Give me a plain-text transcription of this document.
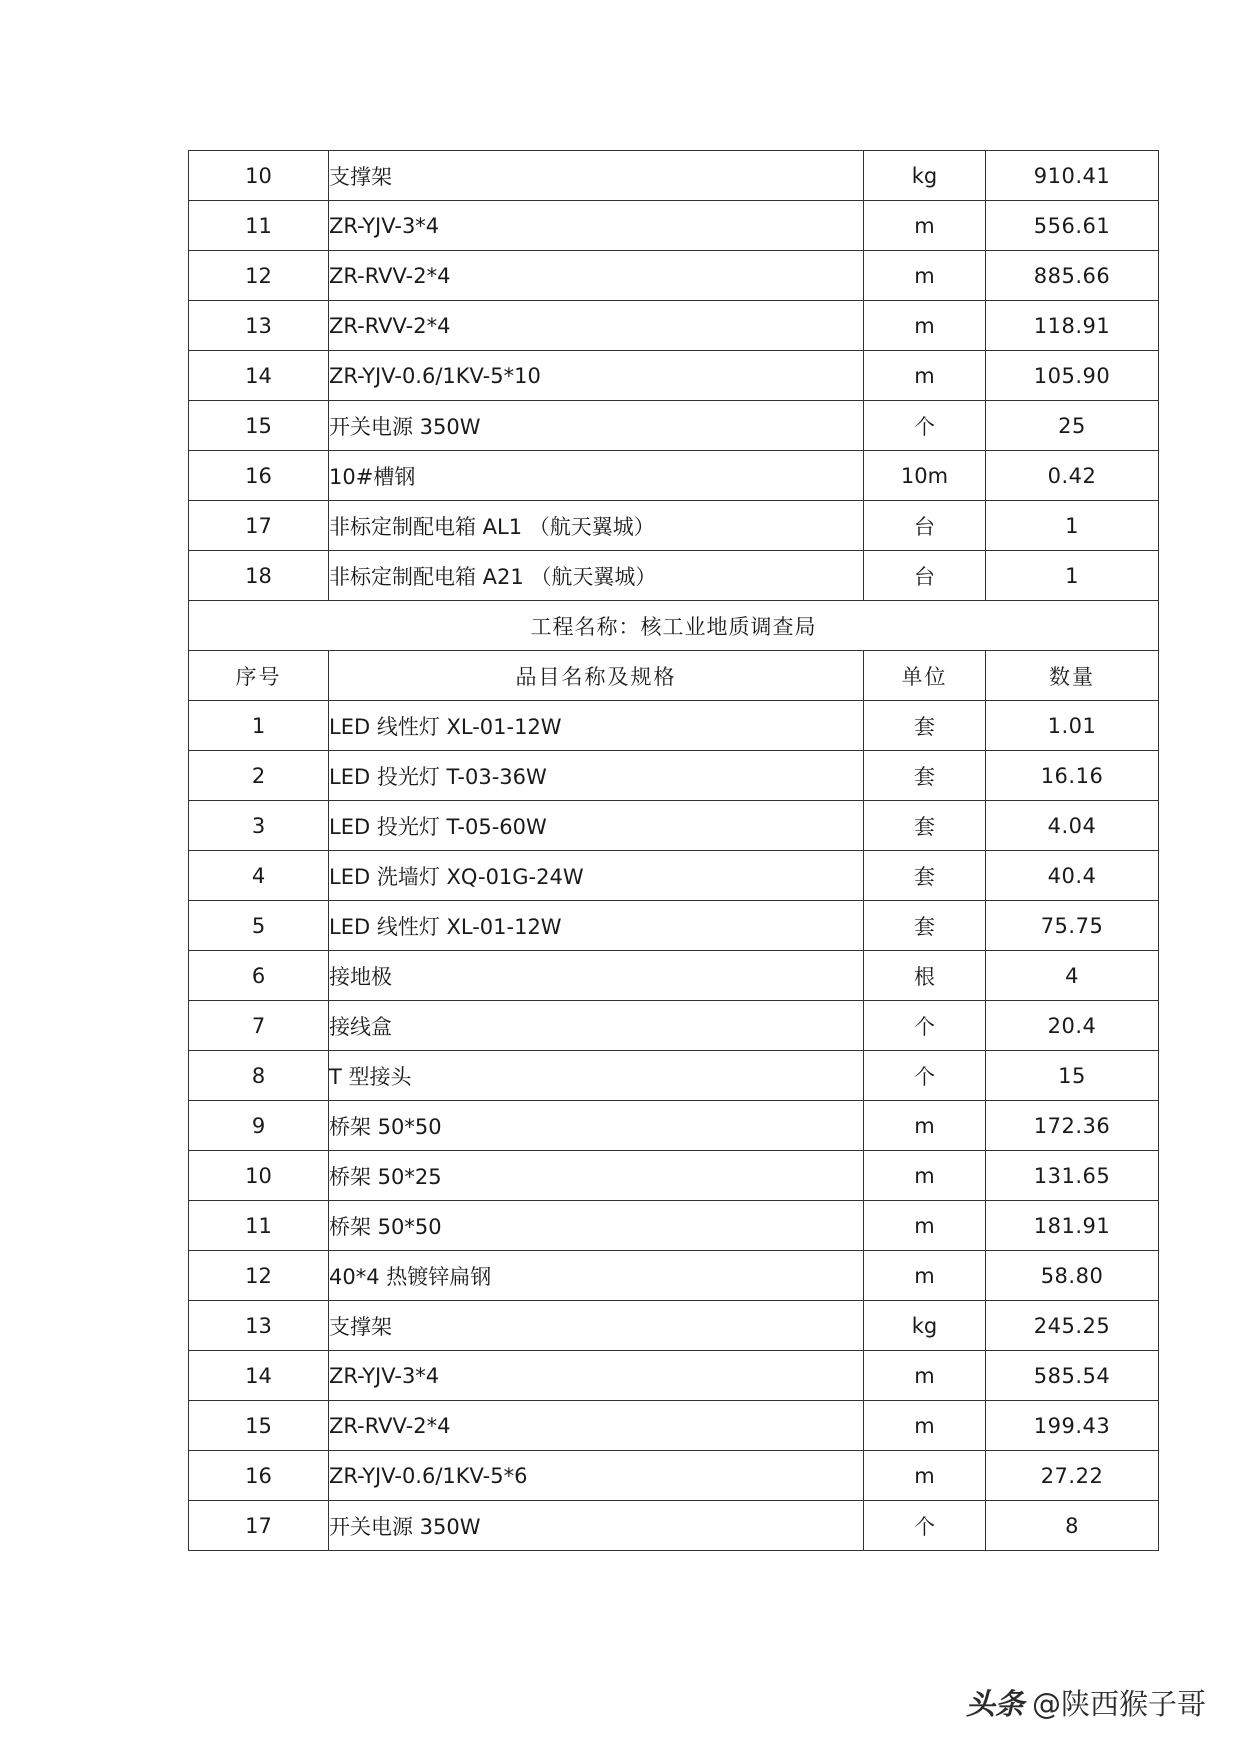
10	支撑架	kg	910.41
11	ZR-YJV-3*4	m	556.61
12	ZR-RVV-2*4	m	885.66
13	ZR-RVV-2*4	m	118.91
14	ZR-YJV-0.6/1KV-5*10	m	105.90
15	开关电源 350W	个	25
16	10#槽钢	10m	0.42
17	非标定制配电箱 AL1 （航天翼城）	台	1
18	非标定制配电箱 A21 （航天翼城）	台	1
工程名称：核工业地质调查局			
序号	品目名称及规格	单位	数量
1	LED 线性灯 XL-01-12W	套	1.01
2	LED 投光灯 T-03-36W	套	16.16
3	LED 投光灯 T-05-60W	套	4.04
4	LED 洗墙灯 XQ-01G-24W	套	40.4
5	LED 线性灯 XL-01-12W	套	75.75
6	接地极	根	4
7	接线盒	个	20.4
8	T 型接头	个	15
9	桥架 50*50	m	172.36
10	桥架 50*25	m	131.65
11	桥架 50*50	m	181.91
12	40*4 热镀锌扁钢	m	58.80
13	支撑架	kg	245.25
14	ZR-YJV-3*4	m	585.54
15	ZR-RVV-2*4	m	199.43
16	ZR-YJV-0.6/1KV-5*6	m	27.22
17	开关电源 350W	个	8
头条 @陕西猴子哥
